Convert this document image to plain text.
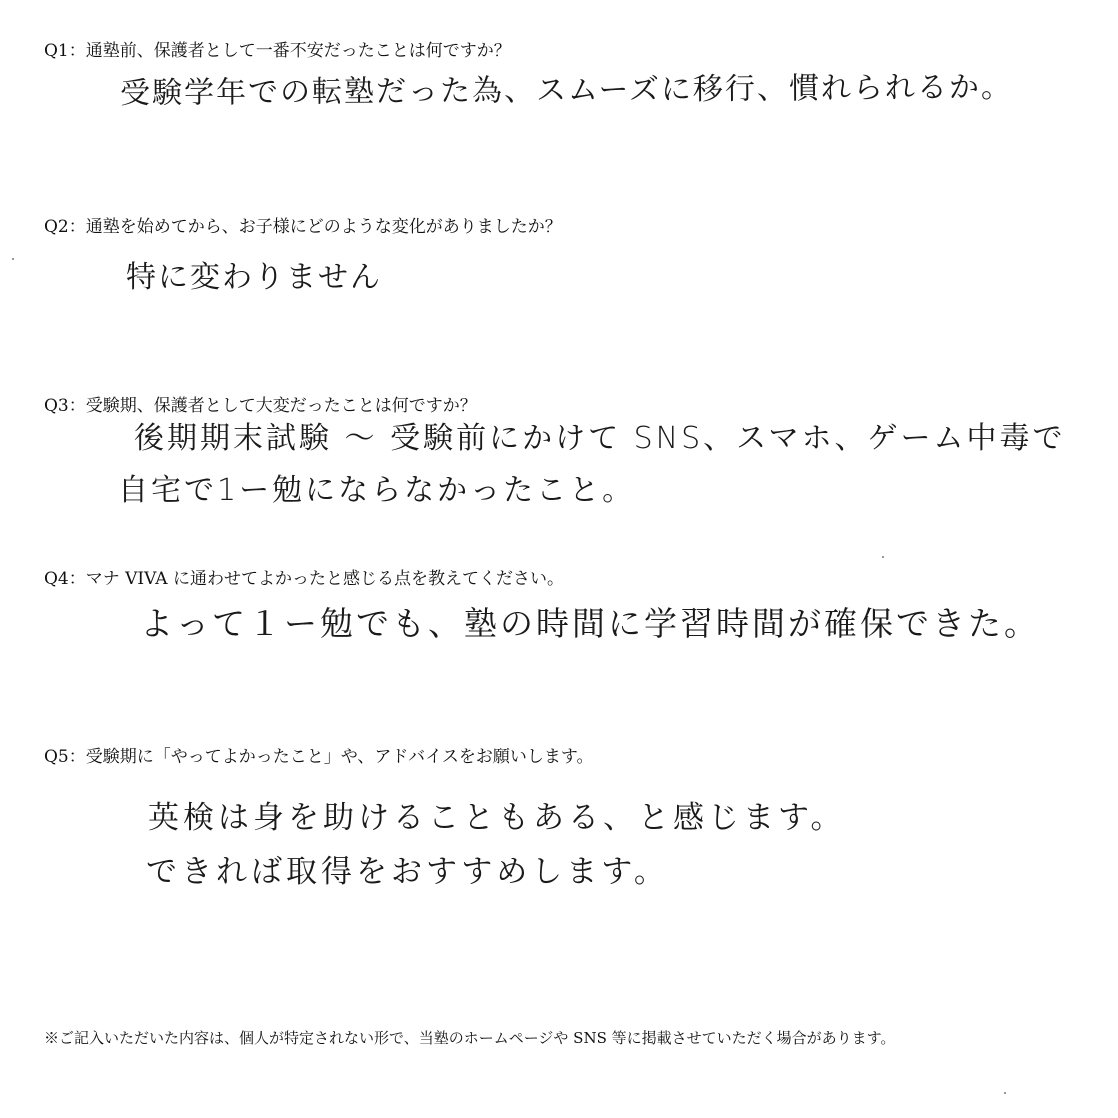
Q1：通塾前、保護者として一番不安だったことは何ですか？
受験学年での転塾だった為、スムーズに移行、慣れられるか。
Q2：通塾を始めてから、お子様にどのような変化がありましたか？
特に変わりません
Q3：受験期、保護者として大変だったことは何ですか？
後期期末試験 〜 受験前にかけて SNS、スマホ、ゲーム中毒で
自宅で1ー勉にならなかったこと。
Q4：マナ VIVA に通わせてよかったと感じる点を教えてください。
よって１ー勉でも、塾の時間に学習時間が確保できた。
Q5：受験期に「やってよかったこと」や、アドバイスをお願いします。
英検は身を助けることもある、と感じます。
できれば取得をおすすめします。
※ご記入いただいた内容は、個人が特定されない形で、当塾のホームページや SNS 等に掲載させていただく場合があります。
